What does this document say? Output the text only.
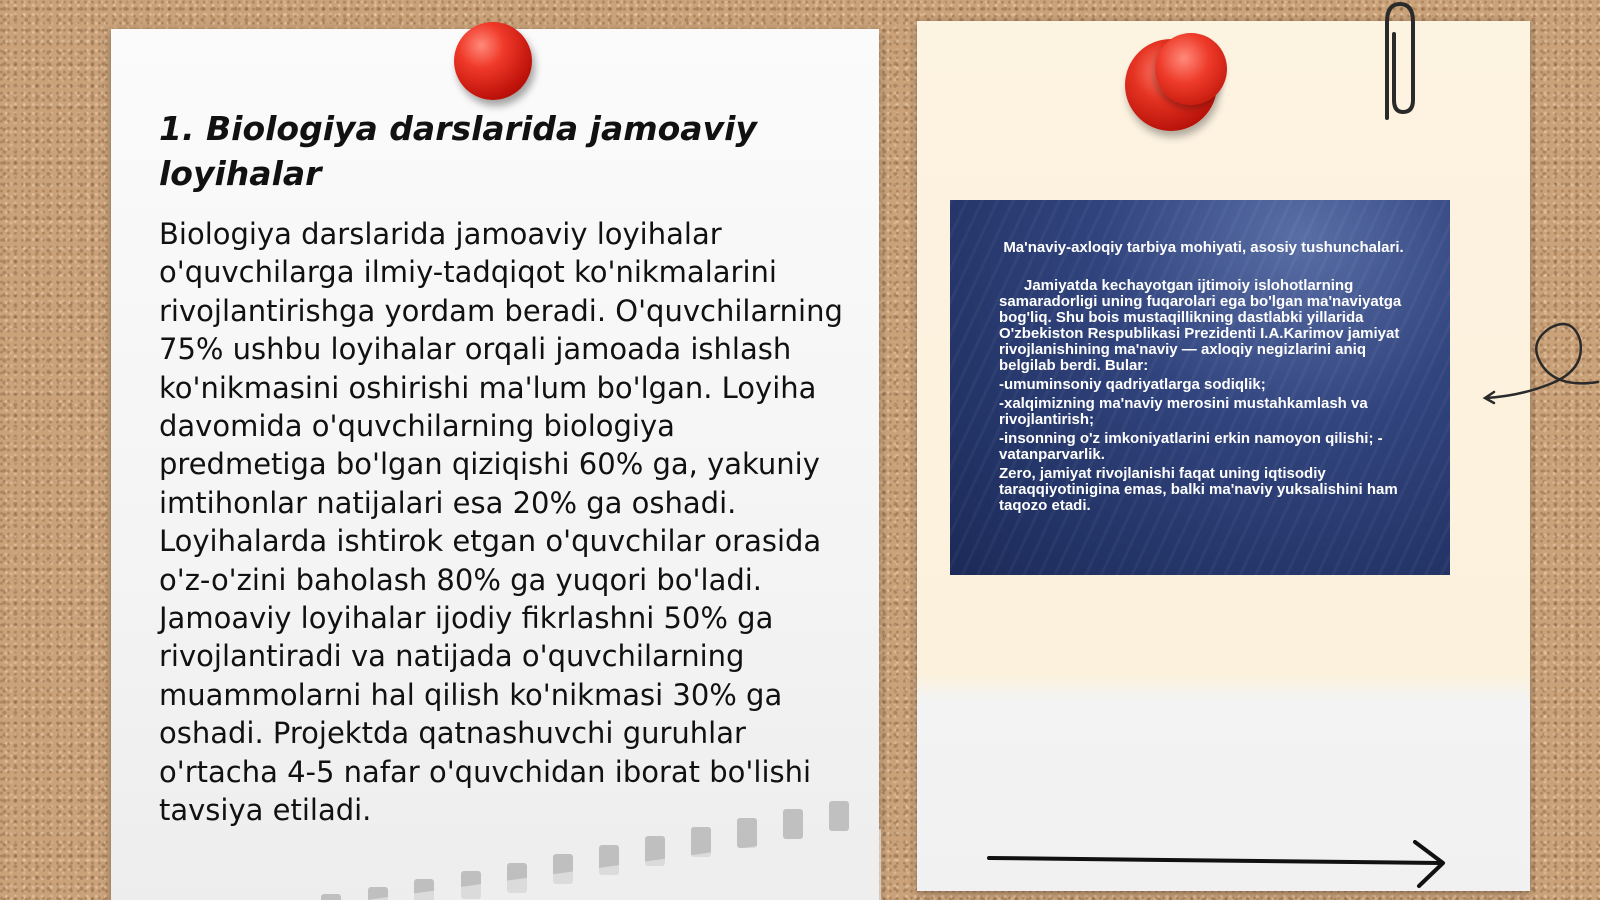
1. Biologiya darslarida jamoaviy loyihalar

Biologiya darslarida jamoaviy loyihalar o'quvchilarga ilmiy-tadqiqot ko'nikmalarini rivojlantirishga yordam beradi. O'quvchilarning 75% ushbu loyihalar orqali jamoada ishlash ko'nikmasini oshirishi ma'lum bo'lgan. Loyiha davomida o'quvchilarning biologiya predmetiga bo'lgan qiziqishi 60% ga, yakuniy imtihonlar natijalari esa 20% ga oshadi. Loyihalarda ishtirok etgan o'quvchilar orasida o'z-o'zini baholash 80% ga yuqori bo'ladi. Jamoaviy loyihalar ijodiy fikrlashni 50% ga rivojlantiradi va natijada o'quvchilarning muammolarni hal qilish ko'nikmasi 30% ga oshadi. Projektda qatnashuvchi guruhlar o'rtacha 4-5 nafar o'quvchidan iborat bo'lishi tavsiya etiladi.

Ma'naviy-axloqiy tarbiya mohiyati, asosiy tushunchalari.

Jamiyatda kechayotgan ijtimoiy islohotlarning samaradorligi uning fuqarolari ega bo'lgan ma'naviyatga bog'liq. Shu bois mustaqillikning dastlabki yillarida O'zbekiston Respublikasi Prezidenti I.A.Karimov jamiyat rivojlanishining ma'naviy — axloqiy negizlarini aniq belgilab berdi. Bular:

-umuminsoniy qadriyatlarga sodiqlik;

-xalqimizning ma'naviy merosini mustahkamlash va rivojlantirish;

-insonning o'z imkoniyatlarini erkin namoyon qilishi; -vatanparvarlik.

Zero, jamiyat rivojlanishi faqat uning iqtisodiy taraqqiyotinigina emas, balki ma'naviy yuksalishini ham taqozo etadi.
